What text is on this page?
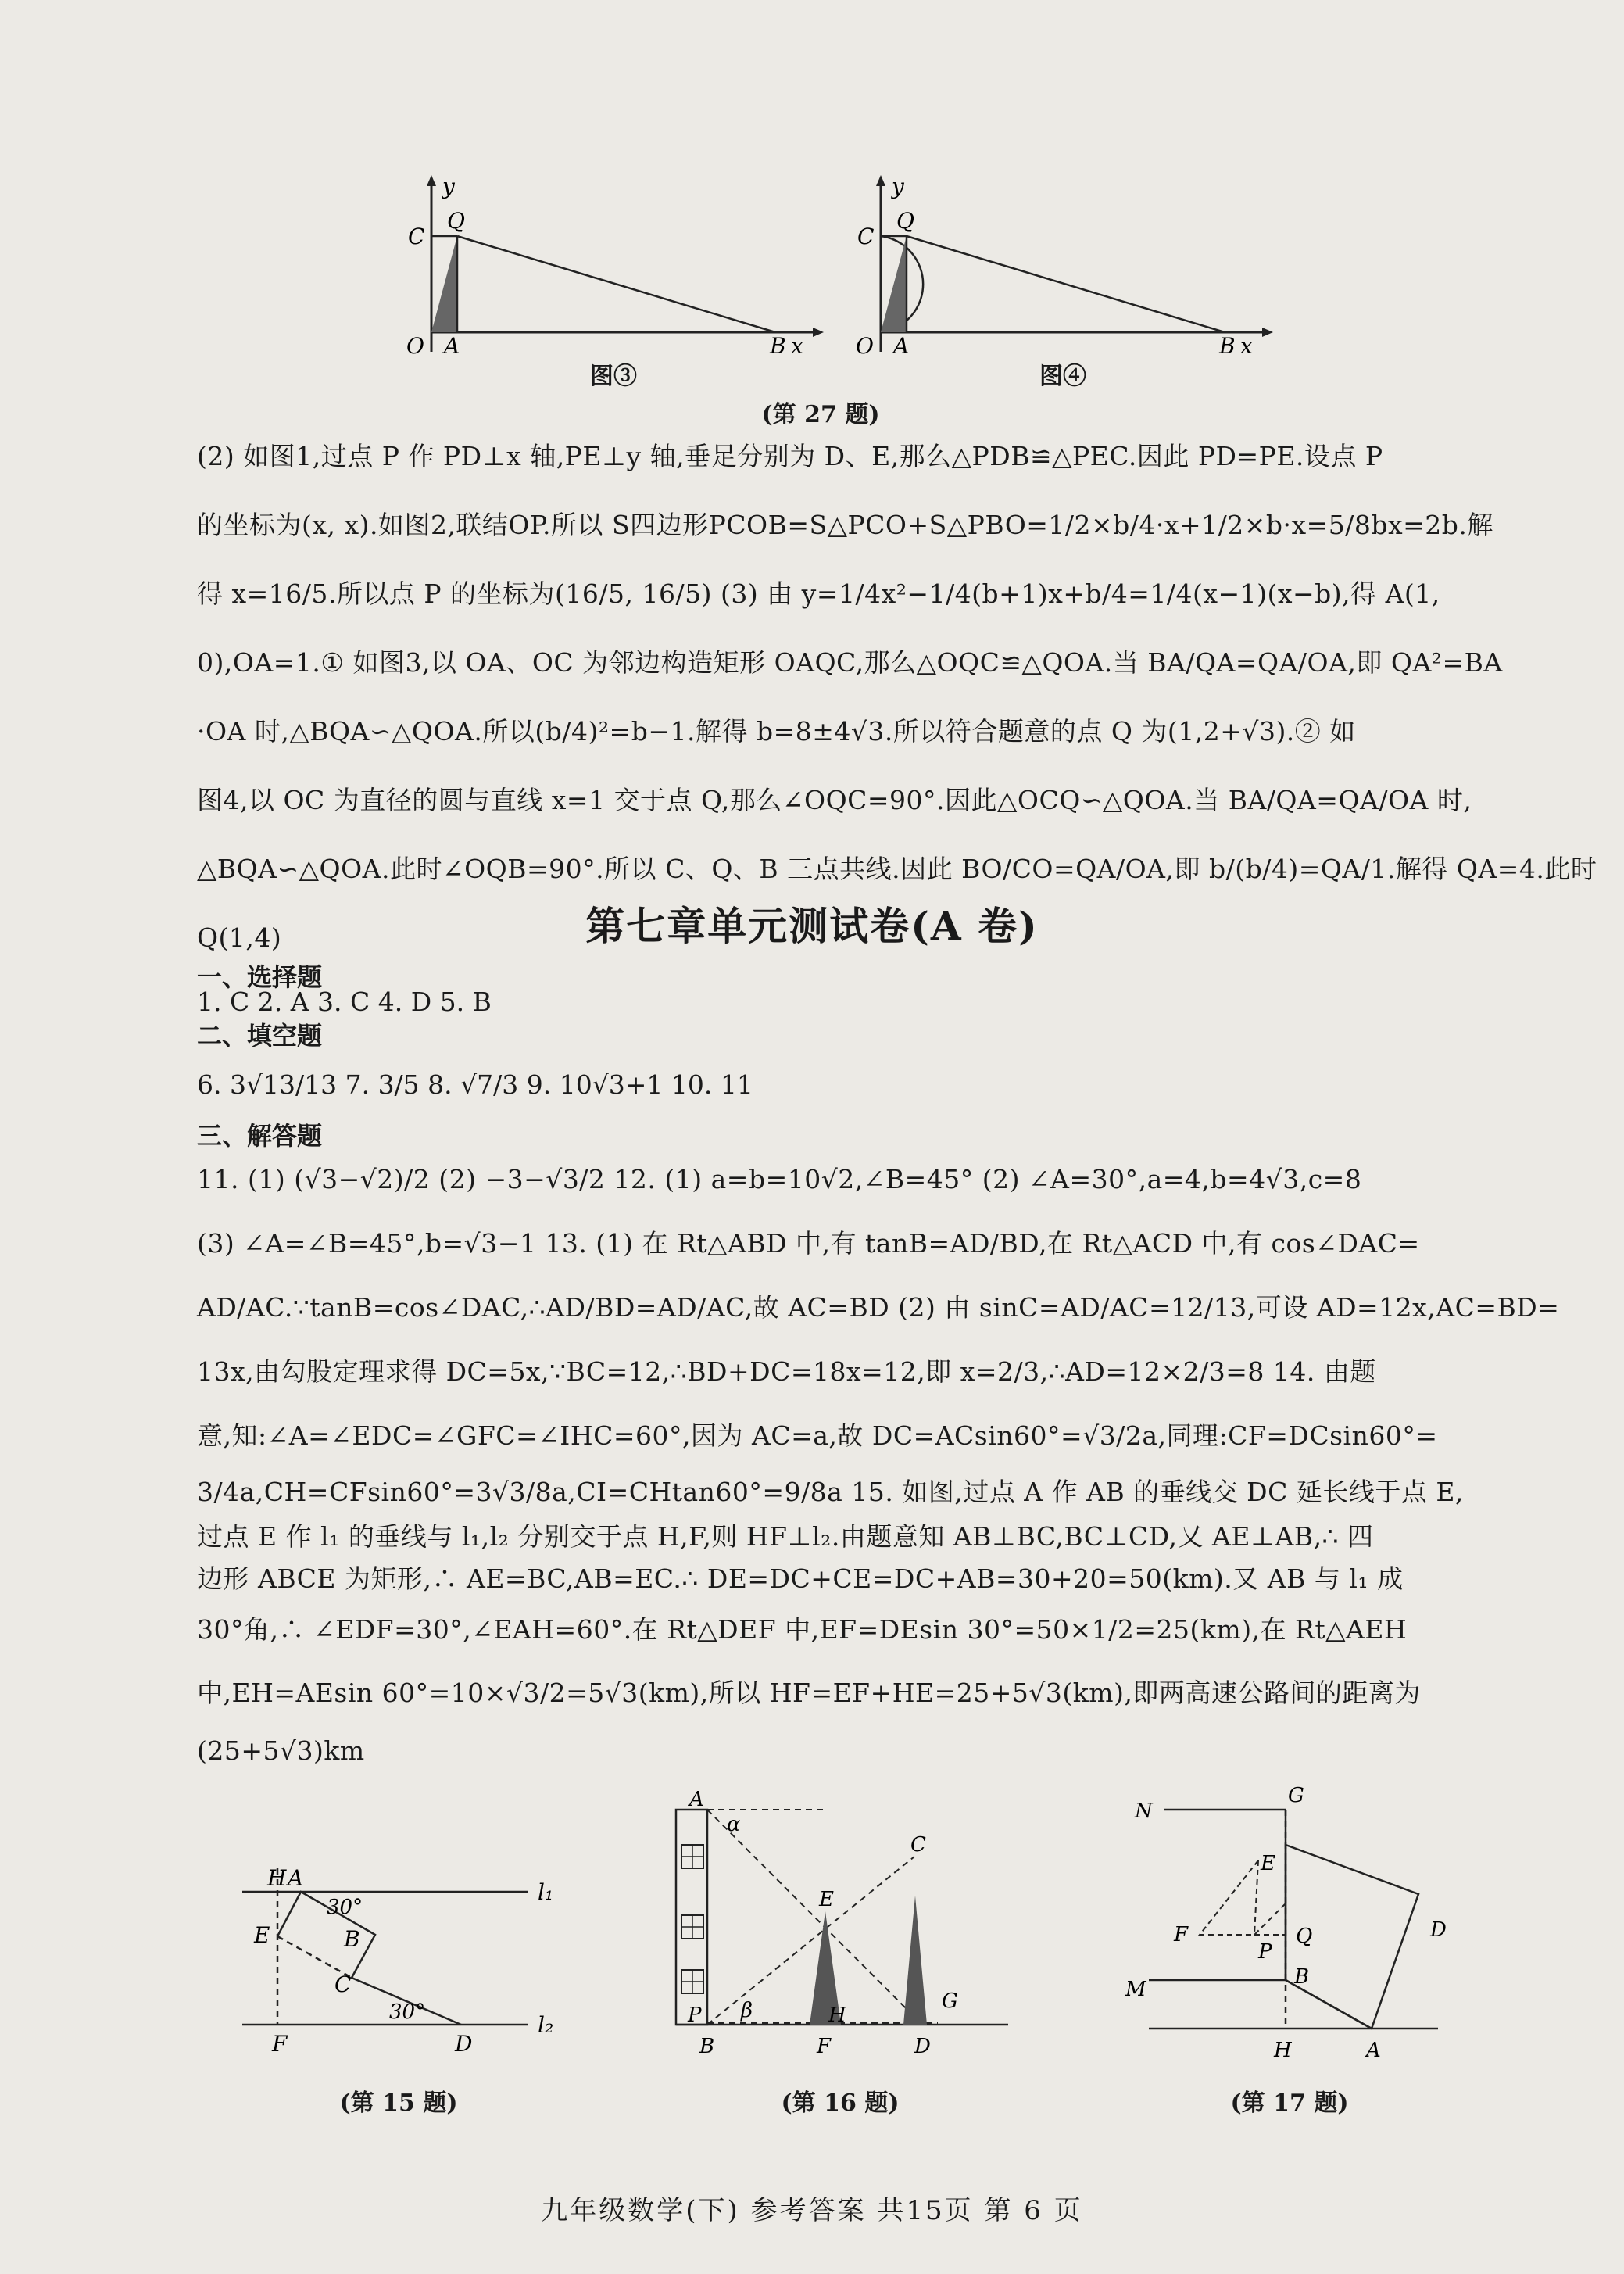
y
x
C
Q
O A	B
图③
y
x
C
Q
O A	B
图④
(第 27 题)
(2) 如图1,过点 P 作 PD⊥x 轴,PE⊥y 轴,垂足分别为 D、E,那么△PDB≌△PEC.因此 PD=PE.设点 P
的坐标为(x, x).如图2,联结OP.所以 S四边形PCOB=S△PCO+S△PBO=1/2×b/4·x+1/2×b·x=5/8bx=2b.解
得 x=16/5.所以点 P 的坐标为(16/5, 16/5) (3) 由 y=1/4x²−1/4(b+1)x+b/4=1/4(x−1)(x−b),得 A(1,
0),OA=1.① 如图3,以 OA、OC 为邻边构造矩形 OAQC,那么△OQC≌△QOA.当 BA/QA=QA/OA,即 QA²=BA
·OA 时,△BQA∽△QOA.所以(b/4)²=b−1.解得 b=8±4√3.所以符合题意的点 Q 为(1,2+√3).② 如
图4,以 OC 为直径的圆与直线 x=1 交于点 Q,那么∠OQC=90°.因此△OCQ∽△QOA.当 BA/QA=QA/OA 时,
△BQA∽△QOA.此时∠OQB=90°.所以 C、Q、B 三点共线.因此 BO/CO=QA/OA,即 b/(b/4)=QA/1.解得 QA=4.此时
Q(1,4)	第七章单元测试卷(A 卷)
一、选择题
1. C 2. A 3. C 4. D 5. B
二、填空题
6. 3√13/13 7. 3/5 8. √7/3 9. 10√3+1 10. 11
三、解答题
11. (1) (√3−√2)/2 (2) −3−√3/2 12. (1) a=b=10√2,∠B=45° (2) ∠A=30°,a=4,b=4√3,c=8
(3) ∠A=∠B=45°,b=√3−1 13. (1) 在 Rt△ABD 中,有 tanB=AD/BD,在 Rt△ACD 中,有 cos∠DAC=
AD/AC.∵tanB=cos∠DAC,∴AD/BD=AD/AC,故 AC=BD (2) 由 sinC=AD/AC=12/13,可设 AD=12x,AC=BD=
13x,由勾股定理求得 DC=5x,∵BC=12,∴BD+DC=18x=12,即 x=2/3,∴AD=12×2/3=8 14. 由题
意,知:∠A=∠EDC=∠GFC=∠IHC=60°,因为 AC=a,故 DC=ACsin60°=√3/2a,同理:CF=DCsin60°=
3/4a,CH=CFsin60°=3√3/8a,CI=CHtan60°=9/8a 15. 如图,过点 A 作 AB 的垂线交 DC 延长线于点 E,
过点 E 作 l₁ 的垂线与 l₁,l₂ 分别交于点 H,F,则 HF⊥l₂.由题意知 AB⊥BC,BC⊥CD,又 AE⊥AB,∴ 四
边形 ABCE 为矩形,∴ AE=BC,AB=EC.∴ DE=DC+CE=DC+AB=30+20=50(km).又 AB 与 l₁ 成
30°角,∴ ∠EDF=30°,∠EAH=60°.在 Rt△DEF 中,EF=DEsin 30°=50×1/2=25(km),在 Rt△AEH
中,EH=AEsin 60°=10×√3/2=5√3(km),所以 HF=EF+HE=25+5√3(km),即两高速公路间的距离为
(25+5√3)km
H A
30°
l₁
E	B
C
30°
F	D
l₂
(第 15 题)
A
α
C
E
β
P	H
G
B	F	D
(第 16 题)
N
G
E
F	Q
P
D
M
B
H	A
(第 17 题)
九年级数学(下) 参考答案 共15页 第 6 页
